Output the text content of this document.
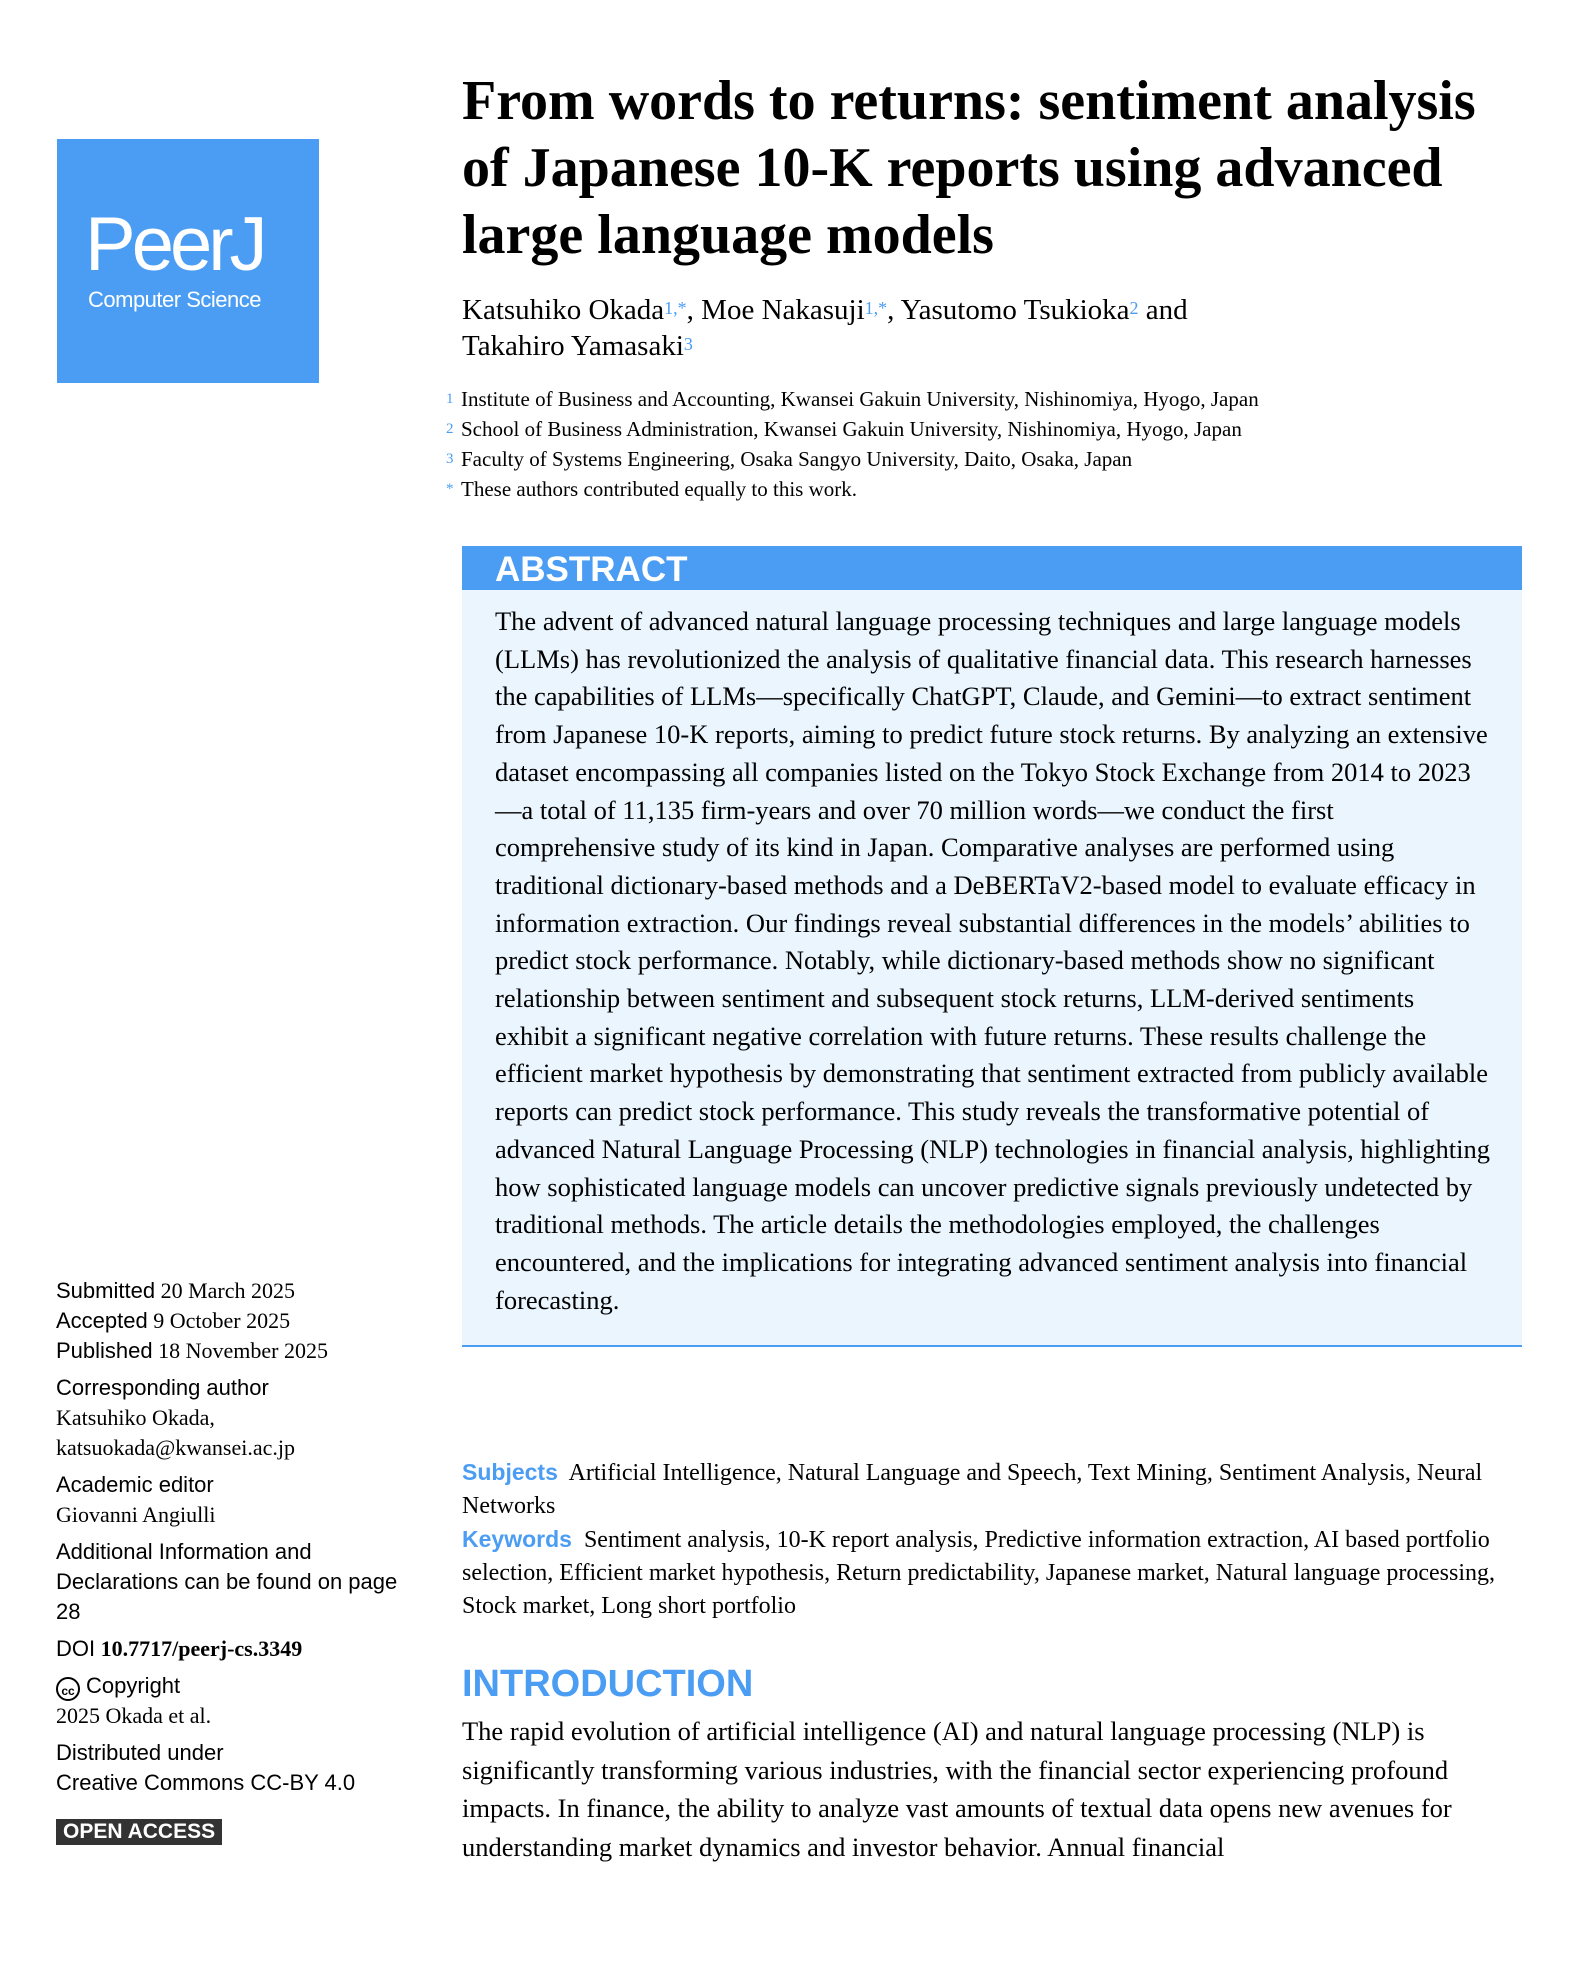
PeerJ
Computer Science
From words to returns: sentiment analysis of Japanese 10-K reports using advanced large language models
Katsuhiko Okada$^{1,*}$, Moe Nakasuji$^{1,*}$, Yasutomo Tsukioka$^2$ and
Takahiro Yamasaki$^3$
1 Institute of Business and Accounting, Kwansei Gakuin University, Nishinomiya, Hyogo, Japan
2 School of Business Administration, Kwansei Gakuin University, Nishinomiya, Hyogo, Japan
3 Faculty of Systems Engineering, Osaka Sangyo University, Daito, Osaka, Japan
* These authors contributed equally to this work.
ABSTRACT
The advent of advanced natural language processing techniques and large language models (LLMs) has revolutionized the analysis of qualitative financial data. This research harnesses the capabilities of LLMs—specifically ChatGPT, Claude, and Gemini—to extract sentiment from Japanese 10-K reports, aiming to predict future stock returns. By analyzing an extensive dataset encompassing all companies listed on the Tokyo Stock Exchange from 2014 to 2023—a total of 11,135 firm-years and over 70 million words—we conduct the first comprehensive study of its kind in Japan. Comparative analyses are performed using traditional dictionary-based methods and a DeBERTaV2-based model to evaluate efficacy in information extraction. Our findings reveal substantial differences in the models’ abilities to predict stock performance. Notably, while dictionary-based methods show no significant relationship between sentiment and subsequent stock returns, LLM-derived sentiments exhibit a significant negative correlation with future returns. These results challenge the efficient market hypothesis by demonstrating that sentiment extracted from publicly available reports can predict stock performance. This study reveals the transformative potential of advanced Natural Language Processing (NLP) technologies in financial analysis, highlighting how sophisticated language models can uncover predictive signals previously undetected by traditional methods. The article details the methodologies employed, the challenges encountered, and the implications for integrating advanced sentiment analysis into financial forecasting.
Subjects Artificial Intelligence, Natural Language and Speech, Text Mining, Sentiment Analysis, Neural Networks
Keywords Sentiment analysis, 10-K report analysis, Predictive information extraction, AI based portfolio selection, Efficient market hypothesis, Return predictability, Japanese market, Natural language processing, Stock market, Long short portfolio
INTRODUCTION

The rapid evolution of artificial intelligence (AI) and natural language processing (NLP) is significantly transforming various industries, with the financial sector experiencing profound impacts. In finance, the ability to analyze vast amounts of textual data opens new avenues for understanding market dynamics and investor behavior. Annual financial

Submitted 20 March 2025
Accepted 9 October 2025
Published 18 November 2025
Corresponding author
Katsuhiko Okada,
katsuokada@kwansei.ac.jp
Academic editor
Giovanni Angiulli
Additional Information and Declarations can be found on page 28
DOI 10.7717/peerj-cs.3349
cc Copyright
2025 Okada et al.
Distributed under
Creative Commons CC-BY 4.0
OPEN ACCESS
